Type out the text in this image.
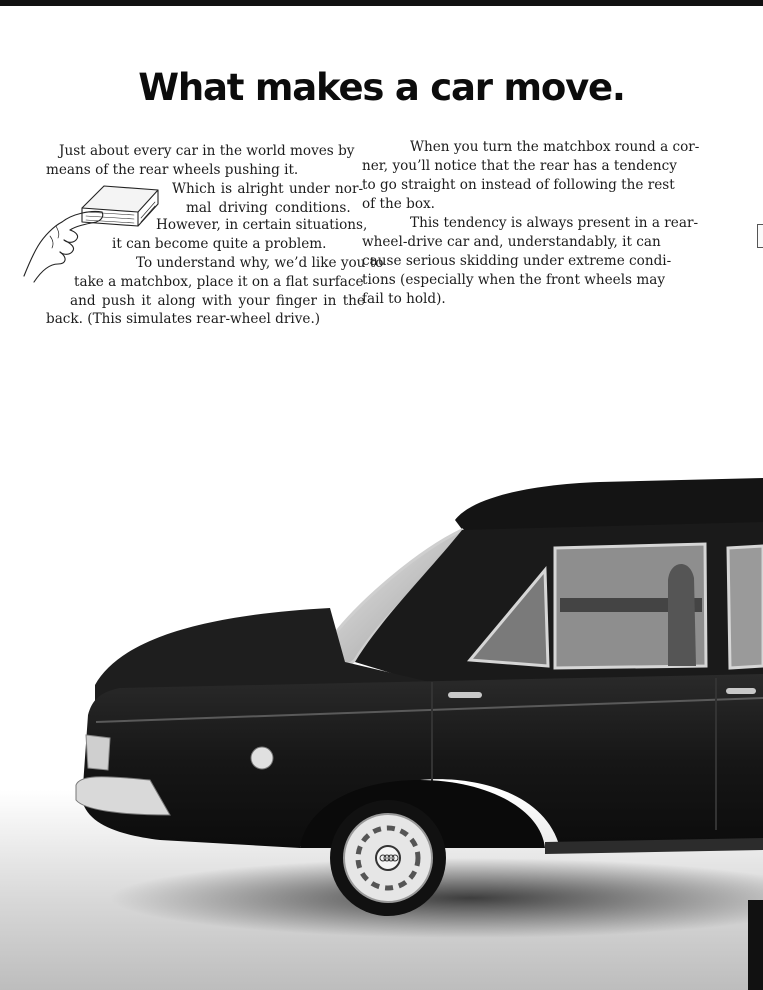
What makes a car move.
Just about every car in the world moves by
means of the rear wheels pushing it.
Which is alright under nor-
mal driving conditions.
However, in certain situations,
it can become quite a problem.
To understand why, we’d like you to
take a matchbox, place it on a flat surface
and push it along with your finger in the
back. (This simulates rear-wheel drive.)
When you turn the matchbox round a cor-
ner, you’ll notice that the rear has a tendency
to go straight on instead of following the rest
of the box.
This tendency is always present in a rear-
wheel-drive car and, understandably, it can
cause serious skidding under extreme condi-
tions (especially when the front wheels may
fail to hold).
